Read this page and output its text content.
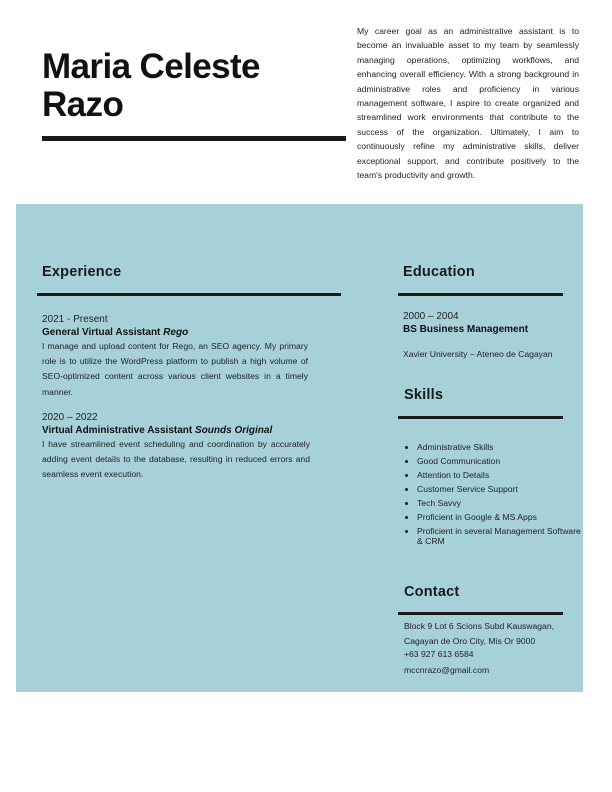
Maria Celeste
Razo
My career goal as an administrative assistant is to become an invaluable asset to my team by seamlessly managing operations, optimizing workflows, and enhancing overall efficiency. With a strong background in administrative roles and proficiency in various management software, I aspire to create organized and streamlined work environments that contribute to the success of the organization. Ultimately, I aim to continuously refine my administrative skills, deliver exceptional support, and contribute positively to the team's productivity and growth.
Experience
2021 - Present
General Virtual Assistant Rego
I manage and upload content for Rego, an SEO agency. My primary role is to utilize the WordPress platform to publish a high volume of SEO-optimized content across various client websites in a timely manner.
2020 – 2022
Virtual Administrative Assistant Sounds Original
I have streamlined event scheduling and coordination by accurately adding event details to the database, resulting in reduced errors and seamless event execution.
Education
2000 – 2004
BS Business Management
Xavier University – Ateneo de Cagayan
Skills
• Administrative Skills
• Good Communication
• Attention to Details
• Customer Service Support
• Tech Savvy
• Proficient in Google & MS Apps
• Proficient in several Management Software & CRM
Contact
Block 9 Lot 6 Scions Subd Kauswagan,
Cagayan de Oro City, Mis Or 9000
+63 927 613 6584
mccnrazo@gmail.com
